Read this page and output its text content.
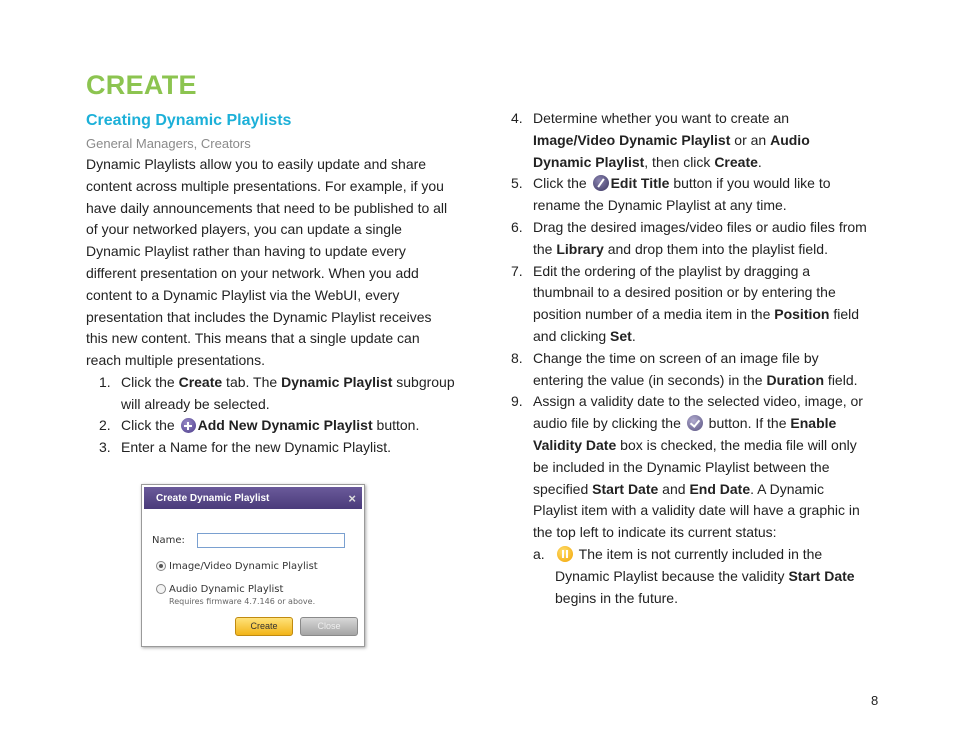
CREATE
Creating Dynamic Playlists
General Managers, Creators

Dynamic Playlists allow you to easily update and share content across multiple presentations. For example, if you have daily announcements that need to be published to all of your networked players, you can update a single Dynamic Playlist rather than having to update every different presentation on your network. When you add content to a Dynamic Playlist via the WebUI, every presentation that includes the Dynamic Playlist receives this new content. This means that a single update can reach multiple presentations.

1. Click the Create tab. The Dynamic Playlist subgroup will already be selected.
2. Click the Add New Dynamic Playlist button.
3. Enter a Name for the new Dynamic Playlist.
Create Dynamic Playlist	×
Name:
Image/Video Dynamic Playlist
Audio Dynamic Playlist
Requires firmware 4.7.146 or above.
Create	Close
4. Determine whether you want to create an Image/Video Dynamic Playlist or an Audio Dynamic Playlist, then click Create.
5. Click the Edit Title button if you would like to rename the Dynamic Playlist at any time.
6. Drag the desired images/video files or audio files from the Library and drop them into the playlist field.
7. Edit the ordering of the playlist by dragging a thumbnail to a desired position or by entering the position number of a media item in the Position field and clicking Set.
8. Change the time on screen of an image file by entering the value (in seconds) in the Duration field.
9. Assign a validity date to the selected video, image, or audio file by clicking the  button. If the Enable Validity Date box is checked, the media file will only be included in the Dynamic Playlist between the specified Start Date and End Date. A Dynamic Playlist item with a validity date will have a graphic in the top left to indicate its current status:
a. The item is not currently included in the Dynamic Playlist because the validity Start Date begins in the future.
8
